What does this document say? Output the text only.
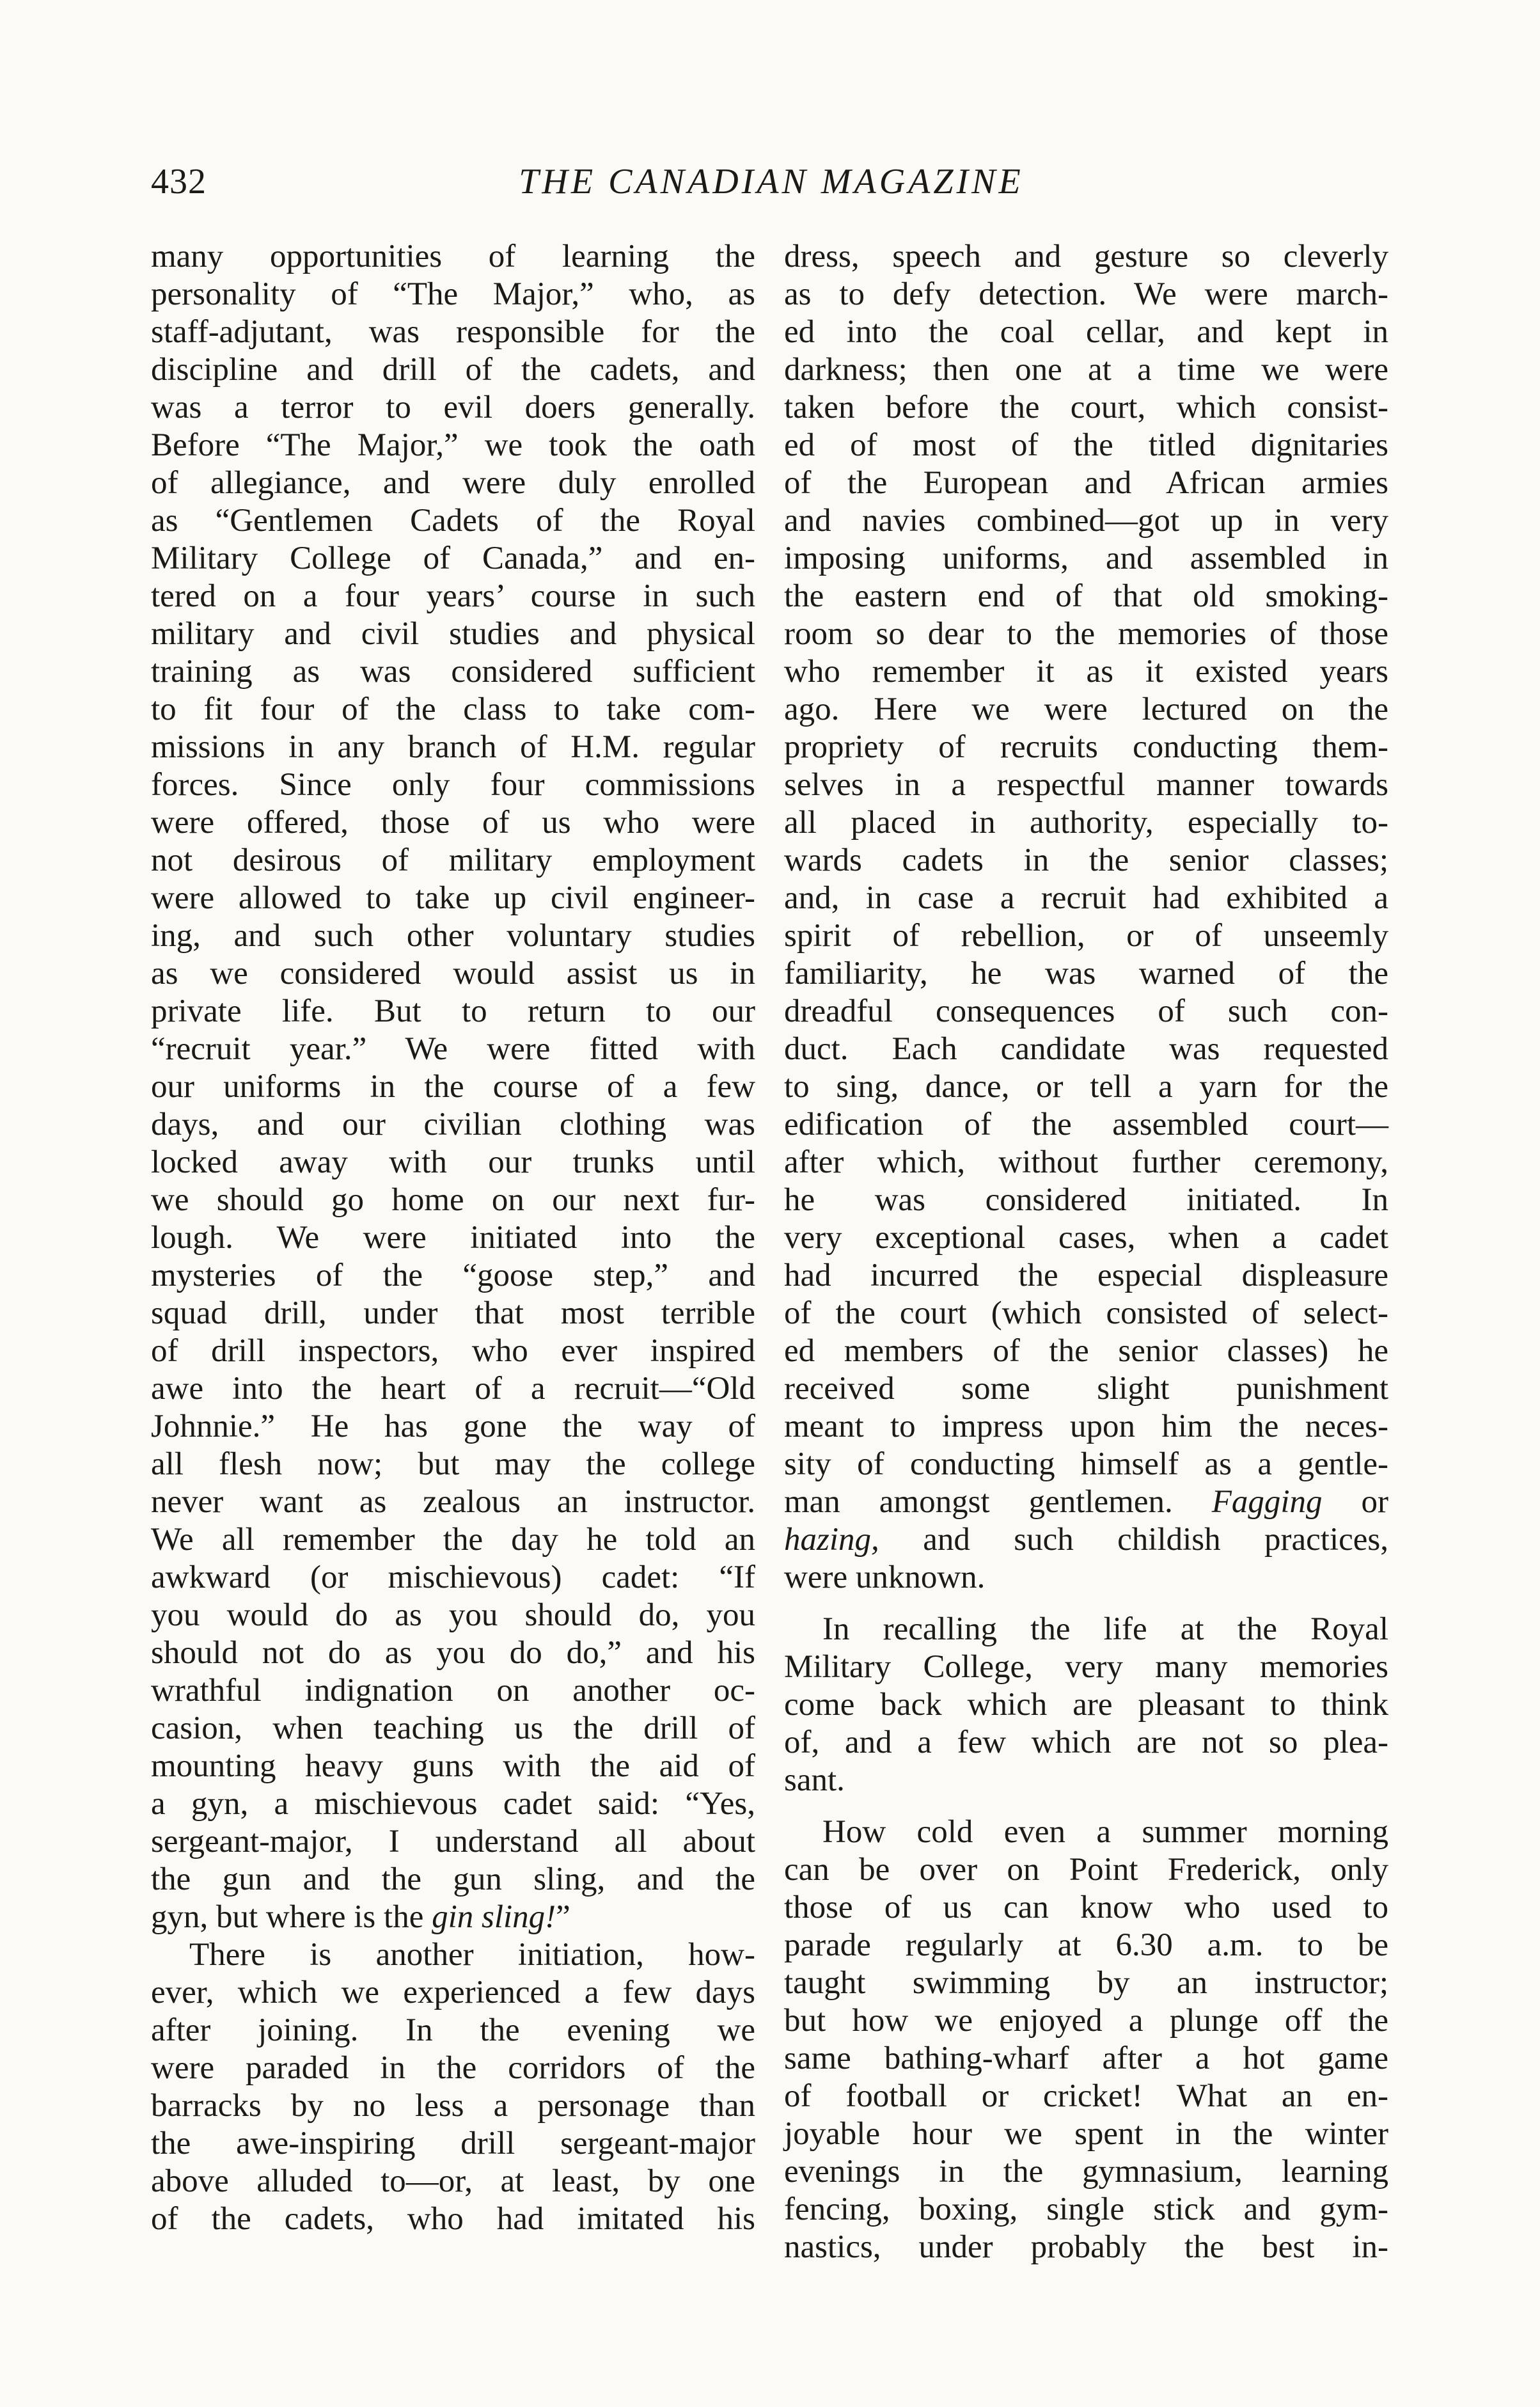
432	THE CANADIAN MAGAZINE
many opportunities of learning the
personality of “The Major,” who, as
staff-adjutant, was responsible for the
discipline and drill of the cadets, and
was a terror to evil doers generally.
Before “The Major,” we took the oath
of allegiance, and were duly enrolled
as “Gentlemen Cadets of the Royal
Military College of Canada,” and en-
tered on a four years’ course in such
military and civil studies and physical
training as was considered sufficient
to fit four of the class to take com-
missions in any branch of H.M. regular
forces. Since only four commissions
were offered, those of us who were
not desirous of military employment
were allowed to take up civil engineer-
ing, and such other voluntary studies
as we considered would assist us in
private life. But to return to our
“recruit year.” We were fitted with
our uniforms in the course of a few
days, and our civilian clothing was
locked away with our trunks until
we should go home on our next fur-
lough. We were initiated into the
mysteries of the “goose step,” and
squad drill, under that most terrible
of drill inspectors, who ever inspired
awe into the heart of a recruit—“Old
Johnnie.” He has gone the way of
all flesh now; but may the college
never want as zealous an instructor.
We all remember the day he told an
awkward (or mischievous) cadet: “If
you would do as you should do, you
should not do as you do do,” and his
wrathful indignation on another oc-
casion, when teaching us the drill of
mounting heavy guns with the aid of
a gyn, a mischievous cadet said: “Yes,
sergeant-major, I understand all about
the gun and the gun sling, and the
gyn, but where is the gin sling!”
There is another initiation, how-
ever, which we experienced a few days
after joining. In the evening we
were paraded in the corridors of the
barracks by no less a personage than
the awe-inspiring drill sergeant-major
above alluded to—or, at least, by one
of the cadets, who had imitated his
dress, speech and gesture so cleverly
as to defy detection. We were march-
ed into the coal cellar, and kept in
darkness; then one at a time we were
taken before the court, which consist-
ed of most of the titled dignitaries
of the European and African armies
and navies combined—got up in very
imposing uniforms, and assembled in
the eastern end of that old smoking-
room so dear to the memories of those
who remember it as it existed years
ago. Here we were lectured on the
propriety of recruits conducting them-
selves in a respectful manner towards
all placed in authority, especially to-
wards cadets in the senior classes;
and, in case a recruit had exhibited a
spirit of rebellion, or of unseemly
familiarity, he was warned of the
dreadful consequences of such con-
duct. Each candidate was requested
to sing, dance, or tell a yarn for the
edification of the assembled court—
after which, without further ceremony,
he was considered initiated. In
very exceptional cases, when a cadet
had incurred the especial displeasure
of the court (which consisted of select-
ed members of the senior classes) he
received some slight punishment
meant to impress upon him the neces-
sity of conducting himself as a gentle-
man amongst gentlemen. Fagging or
hazing, and such childish practices,
were unknown.
In recalling the life at the Royal
Military College, very many memories
come back which are pleasant to think
of, and a few which are not so plea-
sant.
How cold even a summer morning
can be over on Point Frederick, only
those of us can know who used to
parade regularly at 6.30 a.m. to be
taught swimming by an instructor;
but how we enjoyed a plunge off the
same bathing-wharf after a hot game
of football or cricket! What an en-
joyable hour we spent in the winter
evenings in the gymnasium, learning
fencing, boxing, single stick and gym-
nastics, under probably the best in-
